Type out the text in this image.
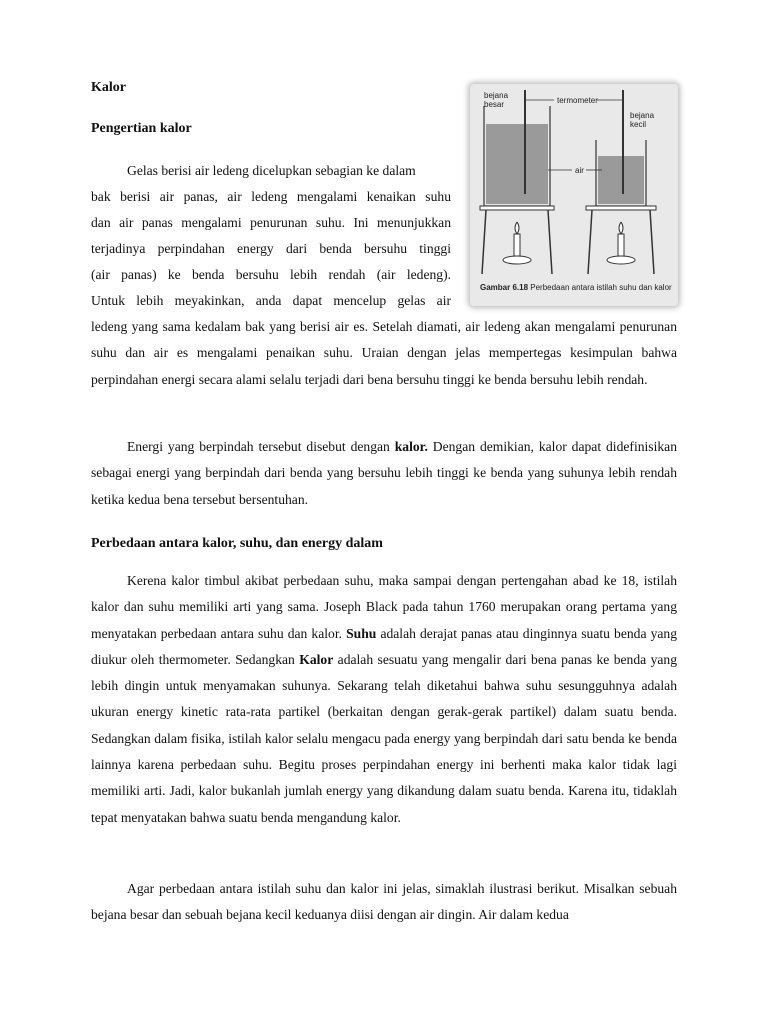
Kalor
Pengertian kalor
Gelas berisi air ledeng dicelupkan sebagian ke dalam
bak berisi air panas, air ledeng mengalami kenaikan suhu
dan air panas mengalami penurunan suhu. Ini menunjukkan
terjadinya perpindahan energy dari benda bersuhu tinggi
(air panas) ke benda bersuhu lebih rendah (air ledeng).
Untuk lebih meyakinkan, anda dapat mencelup gelas air

ledeng yang sama kedalam bak yang berisi air es. Setelah diamati, air ledeng akan mengalami penurunan suhu dan air es mengalami penaikan suhu. Uraian dengan jelas mempertegas kesimpulan bahwa perpindahan energi secara alami selalu terjadi dari bena bersuhu tinggi ke benda bersuhu lebih rendah.

Energi yang berpindah tersebut disebut dengan kalor. Dengan demikian, kalor dapat didefinisikan sebagai energi yang berpindah dari benda yang bersuhu lebih tinggi ke benda yang suhunya lebih rendah ketika kedua bena tersebut bersentuhan.

Perbedaan antara kalor, suhu, dan energy dalam

Kerena kalor timbul akibat perbedaan suhu, maka sampai dengan pertengahan abad ke 18, istilah kalor dan suhu memiliki arti yang sama. Joseph Black pada tahun 1760 merupakan orang pertama yang menyatakan perbedaan antara suhu dan kalor. Suhu adalah derajat panas atau dinginnya suatu benda yang diukur oleh thermometer. Sedangkan Kalor adalah sesuatu yang mengalir dari bena panas ke benda yang lebih dingin untuk menyamakan suhunya. Sekarang telah diketahui bahwa suhu sesungguhnya adalah ukuran energy kinetic rata-rata partikel (berkaitan dengan gerak-gerak partikel) dalam suatu benda. Sedangkan dalam fisika, istilah kalor selalu mengacu pada energy yang berpindah dari satu benda ke benda lainnya karena perbedaan suhu. Begitu proses perpindahan energy ini berhenti maka kalor tidak lagi memiliki arti. Jadi, kalor bukanlah jumlah energy yang dikandung dalam suatu benda. Karena itu, tidaklah tepat menyatakan bahwa suatu benda mengandung kalor.

Agar perbedaan antara istilah suhu dan kalor ini jelas, simaklah ilustrasi berikut. Misalkan sebuah bejana besar dan sebuah bejana kecil keduanya diisi dengan air dingin. Air dalam kedua

bejana
besar	termometer
bejana
kecil
air
Gambar 6.18 Perbedaan antara istilah suhu dan kalor
